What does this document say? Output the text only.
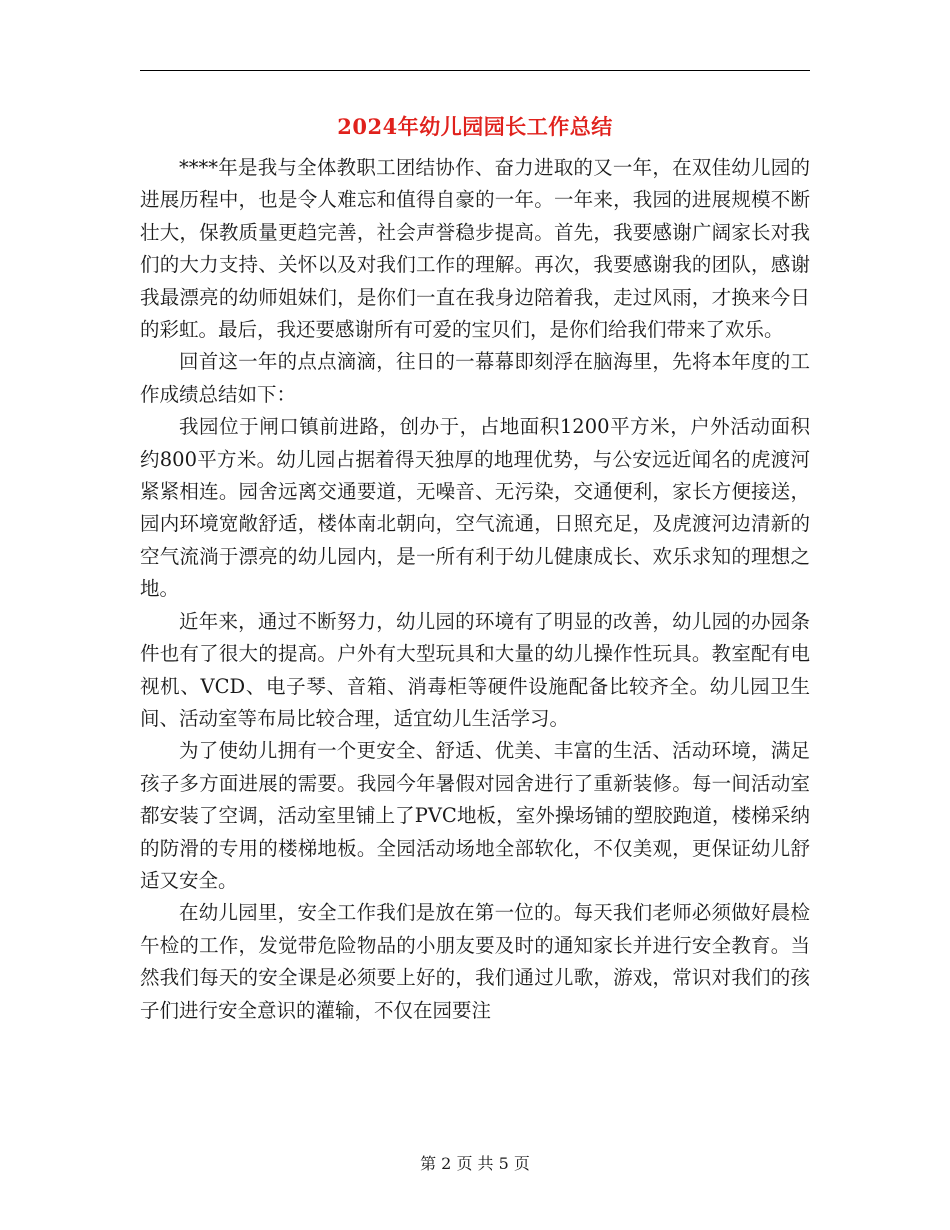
2024年幼儿园园长工作总结

****年是我与全体教职工团结协作、奋力进取的又一年，在双佳幼儿园的进展历程中，也是令人难忘和值得自豪的一年。一年来，我园的进展规模不断壮大，保教质量更趋完善，社会声誉稳步提高。首先，我要感谢广阔家长对我们的大力支持、关怀以及对我们工作的理解。再次，我要感谢我的团队，感谢我最漂亮的幼师姐妹们，是你们一直在我身边陪着我，走过风雨，才换来今日的彩虹。最后，我还要感谢所有可爱的宝贝们，是你们给我们带来了欢乐。

回首这一年的点点滴滴，往日的一幕幕即刻浮在脑海里，先将本年度的工作成绩总结如下：

我园位于闸口镇前进路，创办于，占地面积1200平方米，户外活动面积约800平方米。幼儿园占据着得天独厚的地理优势，与公安远近闻名的虎渡河紧紧相连。园舍远离交通要道，无噪音、无污染，交通便利，家长方便接送，园内环境宽敞舒适，楼体南北朝向，空气流通，日照充足，及虎渡河边清新的空气流淌于漂亮的幼儿园内，是一所有利于幼儿健康成长、欢乐求知的理想之地。

近年来，通过不断努力，幼儿园的环境有了明显的改善，幼儿园的办园条件也有了很大的提高。户外有大型玩具和大量的幼儿操作性玩具。教室配有电视机、VCD、电子琴、音箱、消毒柜等硬件设施配备比较齐全。幼儿园卫生间、活动室等布局比较合理，适宜幼儿生活学习。

为了使幼儿拥有一个更安全、舒适、优美、丰富的生活、活动环境，满足孩子多方面进展的需要。我园今年暑假对园舍进行了重新装修。每一间活动室都安装了空调，活动室里铺上了PVC地板，室外操场铺的塑胶跑道，楼梯采纳的防滑的专用的楼梯地板。全园活动场地全部软化，不仅美观，更保证幼儿舒适又安全。

在幼儿园里，安全工作我们是放在第一位的。每天我们老师必须做好晨检午检的工作，发觉带危险物品的小朋友要及时的通知家长并进行安全教育。当然我们每天的安全课是必须要上好的，我们通过儿歌，游戏，常识对我们的孩子们进行安全意识的灌输，不仅在园要注

第 2 页 共 5 页
